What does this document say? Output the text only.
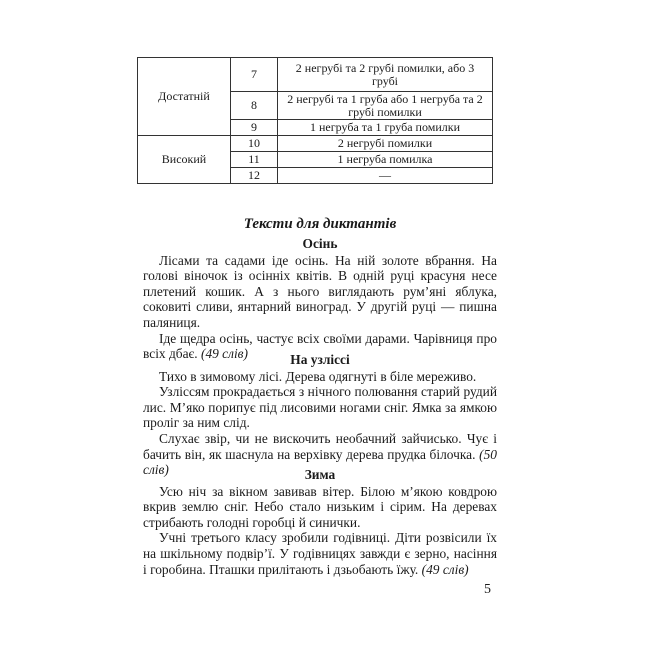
Достатній	7	2 негрубі та 2 грубі помилки, або 3 грубі
	8	2 негрубі та 1 груба або 1 негруба та 2 грубі помилки
	9	1 негруба та 1 груба помилки
Високий	10	2 негрубі помилки
	11	1 негруба помилка
	12	—
Тексти для диктантів
Осінь

Лісами та садами іде осінь. На ній золоте вбрання. На голові віночок із осінніх квітів. В одній руці красуня несе плетений кошик. А з нього виглядають рум’яні яблука, соковиті сливи, янтарний виноград. У другій руці — пишна паляниця.

Іде щедра осінь, частує всіх своїми дарами. Чарівниця про всіх дбає. (49 слів)	На узліссі

Тихо в зимовому лісі. Дерева одягнуті в біле мереживо.

Узліссям прокрадається з нічного полювання старий рудий лис. М’яко порипує під лисовими ногами сніг. Ямка за ямкою проліг за ним слід.

Слухає звір, чи не вискочить необачний зайчисько. Чує і бачить він, як шаснула на верхівку дерева прудка білочка. (50 слів)	Зима

Усю ніч за вікном завивав вітер. Білою м’якою ковдрою вкрив землю сніг. Небо стало низьким і сірим. На деревах стрибають голодні горобці й синички.

Учні третього класу зробили годівниці. Діти розвісили їх на шкільному подвір’ї. У годівницях завжди є зерно, насіння і горобина. Пташки прилітають і дзьобають їжу. (49 слів)

5
